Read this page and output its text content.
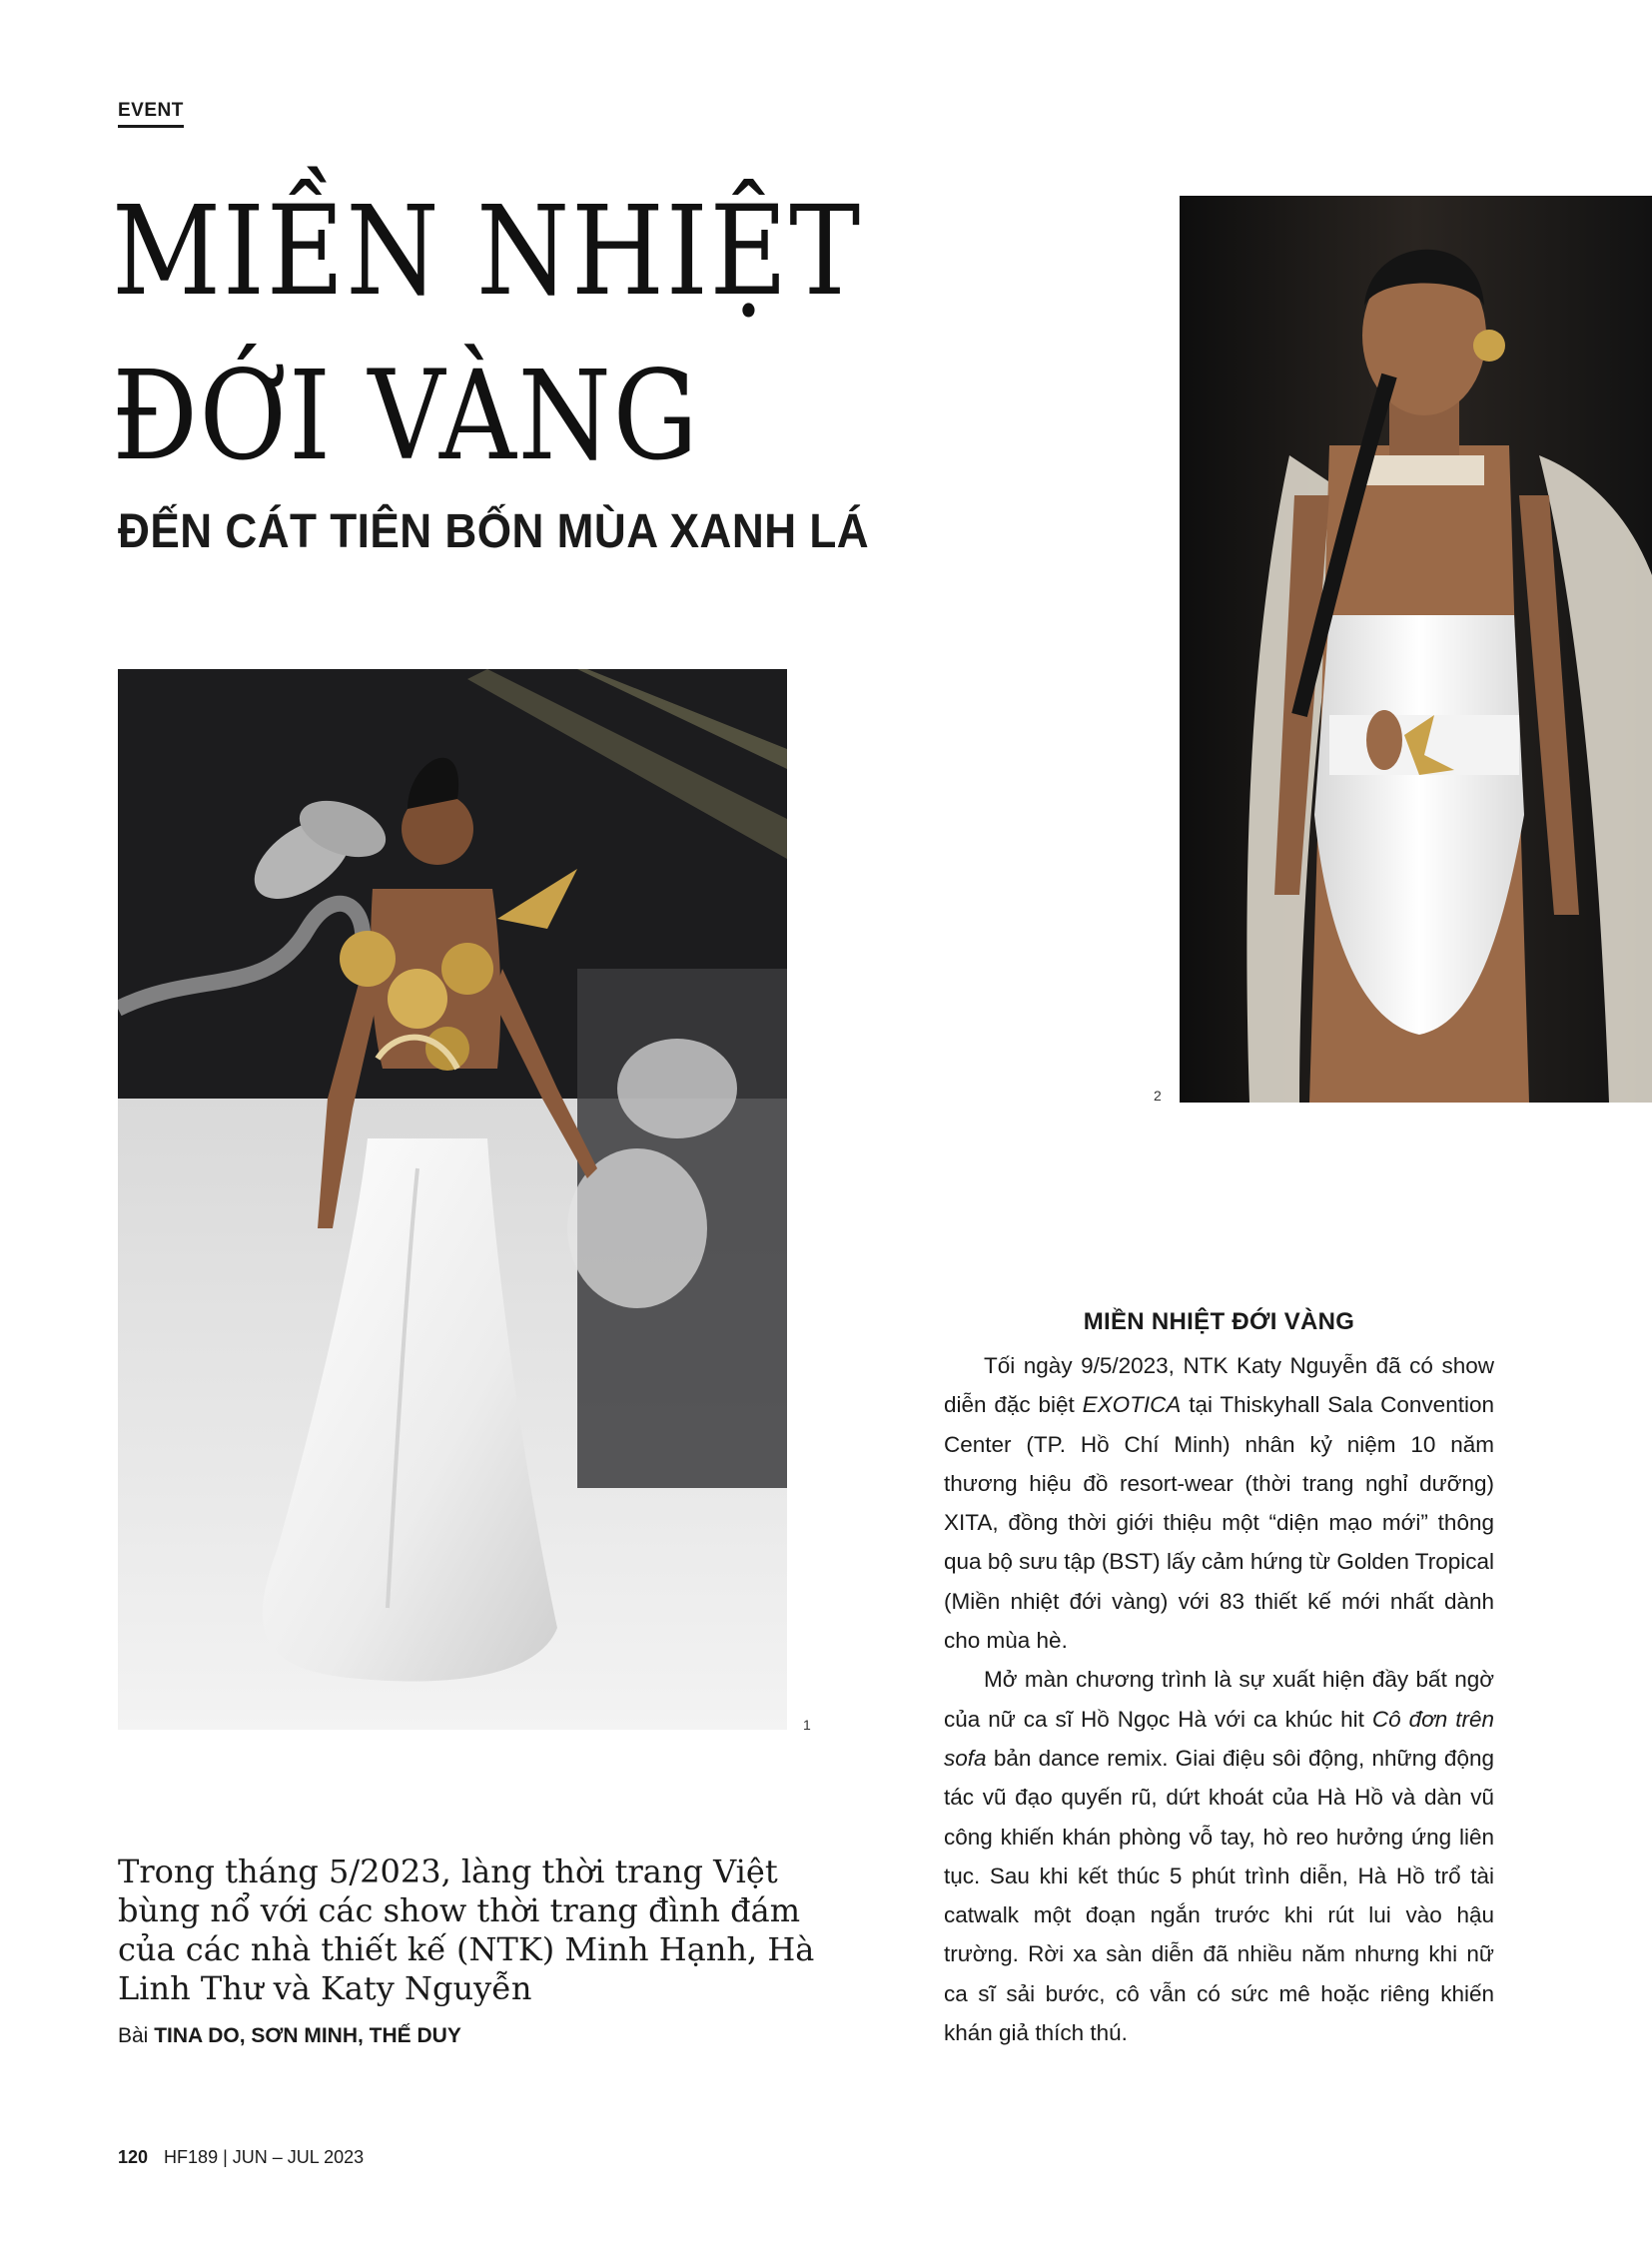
EVENT
MIỀN NHIỆT
ĐỚI VÀNG
ĐẾN CÁT TIÊN BỐN MÙA XANH LÁ
1
2
Trong tháng 5/2023, làng thời trang Việt bùng nổ với các show thời trang đình đám của các nhà thiết kế (NTK) Minh Hạnh, Hà Linh Thư và Katy Nguyễn
Bài TINA DO, SƠN MINH, THẾ DUY
MIỀN NHIỆT ĐỚI VÀNG

Tối ngày 9/5/2023, NTK Katy Nguyễn đã có show diễn đặc biệt EXOTICA tại Thiskyhall Sala Convention Center (TP. Hồ Chí Minh) nhân kỷ niệm 10 năm thương hiệu đồ resort-wear (thời trang nghỉ dưỡng) XITA, đồng thời giới thiệu một “diện mạo mới” thông qua bộ sưu tập (BST) lấy cảm hứng từ Golden Tropical (Miền nhiệt đới vàng) với 83 thiết kế mới nhất dành cho mùa hè.

Mở màn chương trình là sự xuất hiện đầy bất ngờ của nữ ca sĩ Hồ Ngọc Hà với ca khúc hit Cô đơn trên sofa bản dance remix. Giai điệu sôi động, những động tác vũ đạo quyến rũ, dứt khoát của Hà Hồ và dàn vũ công khiến khán phòng vỗ tay, hò reo hưởng ứng liên tục. Sau khi kết thúc 5 phút trình diễn, Hà Hồ trổ tài catwalk một đoạn ngắn trước khi rút lui vào hậu trường. Rời xa sàn diễn đã nhiều năm nhưng khi nữ ca sĩ sải bước, cô vẫn có sức mê hoặc riêng khiến khán giả thích thú.

120 HF189 | JUN – JUL 2023
